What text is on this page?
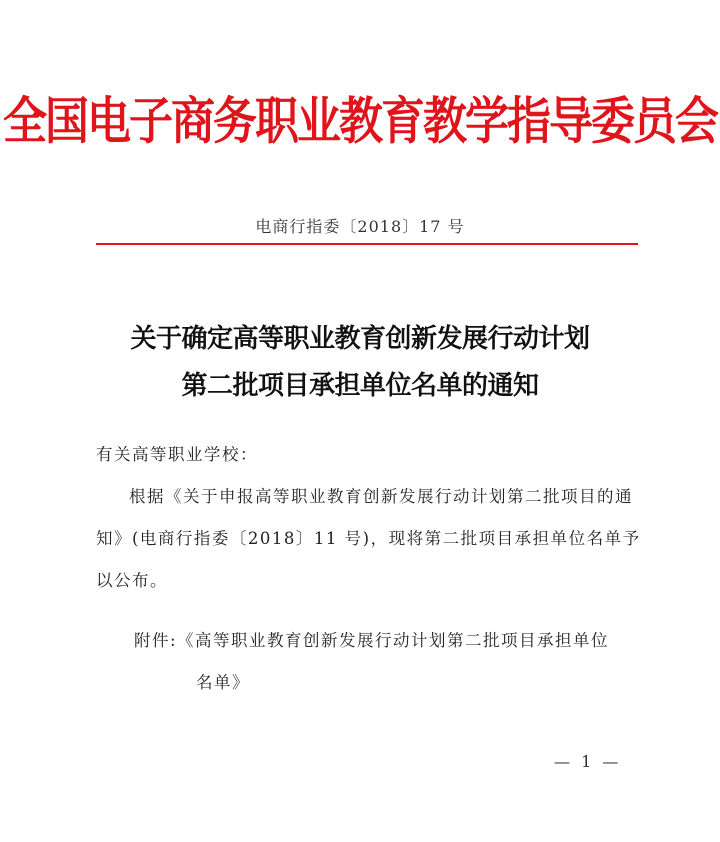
全国电子商务职业教育教学指导委员会
电商行指委〔2018〕17 号
关于确定高等职业教育创新发展行动计划
第二批项目承担单位名单的通知
有关高等职业学校：
根据《关于申报高等职业教育创新发展行动计划第二批项目的通知》(电商行指委〔2018〕11 号)，现将第二批项目承担单位名单予以公布。
附件:《高等职业教育创新发展行动计划第二批项目承担单位
名单》
— 1 —
